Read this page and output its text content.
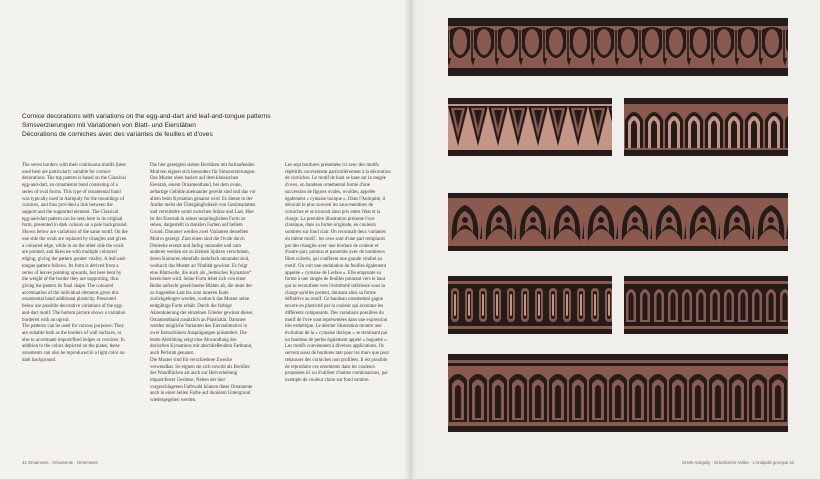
Cornice decorations with variations on the egg-and-dart and leaf-and-tongue patterns
Simsverzierungen mit Variationen von Blatt- und Eierstäben
Décorations de corniches avec des variantes de feuilles et d'oves

The seven borders with their continuous motifs (here used here are particularly suitable for cornice decorations. The top pattern is based on the Classical egg-and-dart, an ornamental band consisting of a series of oval forms. This type of ornamental band was typically used in Antiquity for the mouldings of cornices, and thus provided a link between the support and the supported element. The Classical egg-and-dart pattern can be seen here in its original form, presented in dark colours on a pale background. Shown below are variations of the same motif. On the one side the ovals are replaced by triangles and given a coloured edge, while in on the other side the ovals are pointed, and likewise with multiple coloured edging, giving the pattern greater vitality. A leaf-and-tongue pattern follows. Its form is derived from a series of leaves pointing upwards, but here bent by the weight of the border they are supporting, thus giving the pattern its final shape. The coloured accentuation of the individual elements gives this ornamental band additional plasticity. Presented below are possible decorative variations of the egg-and-dart motif. The bottom picture shows a variation bordered with an ogival.

The patterns can be used for various purposes: They are suitable both as the borders of wall surfaces, or else to accentuate impost/fired ledges or cornices. In addition to the colors depicted on the plates, these ornaments can also be reproduced in a light color on dark background.

Die hier gezeigten sieben Bordüren mit fortlaufenden Motiven eignen sich besonders für Simsverzierungen. Das Muster oben basiert auf dem klassischen Eierstab, einem Ornamentband, bei dem ovale, zeltartige Gebilde aneinander gereiht sind und das vor allem beim Kymation genannt wird. Es diente in der Antike meist der Übergänglichkeit von Gesimsplatten und vermittelte somit zwischen Stütze und Last. Hier ist der Eierstab in seiner ursprünglichen Form zu sehen, dargestellt in dunklen Farben auf hellem Grund. Darunter werden zwei Varianten desselben Motivs gezeigt. Zum einen sind die Ovale durch Dreiecke ersetzt und farbig umrandet und zum anderen werden sie zu kleinen Spitzen verschoben, deren Konturen ebenfalls mehrfach umrandet sind, wodurch das Muster an Vitalität gewinnt. Es folgt eine Blattwelle, die auch als „lesbisches Kymation“ bezeichnet wird. Seine Form leitet sich von einer Reihe aufrecht gezeichneter Blätter ab, die unter der zu tragenden Last bis zum inneren Ende zurückgebogen werden, wodurch das Muster seine endgültige Form erhält. Durch die farbige Akzentuierung der einzelnen Glieder gewinnt dieses Ornamentband zusätzlich an Plastizität. Darunter werden mögliche Varianten des Eierstabmotivs in zwei formschönen Ansprägungen präsentiert. Die letzte Abbildung zeigt eine Abwandlung des dorischen Kymations mit abschließendem Farbrand, auch Perlstab genannt.

Die Muster sind für verschiedene Zwecke verwendbar. So eignen sie sich sowohl als Bordüre der Wandflächen als auch zur Hervorhebung impost/fester Gesimse. Neben der hier vorgeschlagenen Farbwahl können diese Ornamente auch in einer hellen Farbe auf dunklem Untergrund wiedergegeben werden.

Les sept bordures présentées ici avec des motifs répétitifs conviennent particulièrement à la décoration de corniches. Le motif de haut se base sur la rangée d'oves, un bandeau ornemental formé d'une succession de figures ovales, ovoïdes, appelée également « cymaise ionique ». Dans l'Antiquité, il décorait le plus souvent les saus-membres de corniches et se trouvait ainsi pris entre l'état et la charge. La première illustration présente l'ove classique, dans sa forme originale, en couleurs sombres sur fond clair. On reconnaît deux variantes du même motif : les oves sont d'une part remplacés par des triangles avec une bordure de couleur et d'autre part, pointus et parsemés avec de nombreux filets colorés, qui confèrent une grande vitalité au motif. On voit une ondulation de feuilles également appelée « cymaise de Lesbos ». Elle emprunte sa forme à une rangée de feuilles pointant vers le haut qui se recourbent vers l'extrémité inférieure sous la charge qu'elles portent, donnant ainsi sa forme définitive au motif. Ce bandeau ornemental gagne encore en plasticité par la couleur qui accentue les différents composants. Des variations possibles du motif de l'ove sont représentées dans une expression très esthétique. Le dernier illustration montre une évolution de la « cymaise dorique » se terminant par un bandeau de perles également appelé « baguette ». Les motifs conviennent à diverses applications. Ils servent aussi de bordures tant pour les murs que pour rehausser des corniches non profilées. Il est possible de reproduire ces ornements dans les couleurs proposées ici ou d'utiliser d'autres combinaisons, par exemple de couleur claire sur fond sombre.

42 Ornaments · Ornamente · Ornements	Greek Antiquity · Griechische Antike · L'Antiquité grecque 43
